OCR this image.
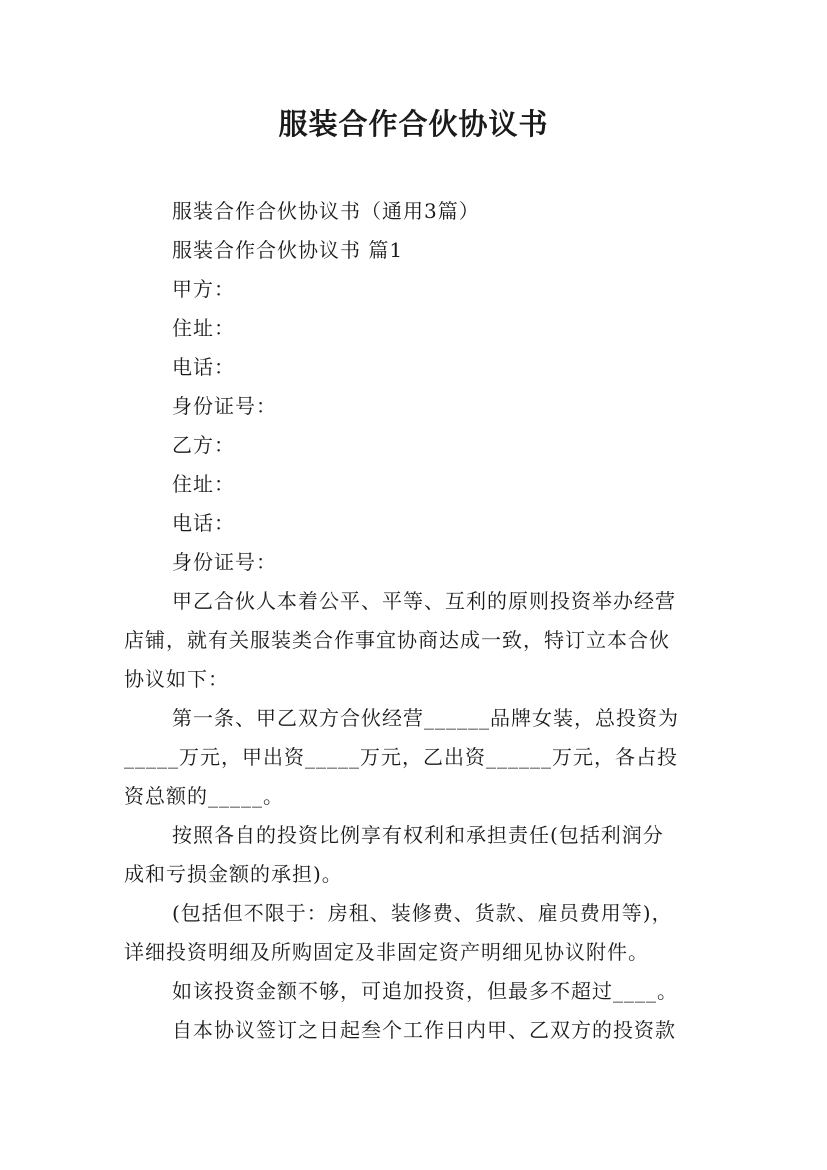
服装合作合伙协议书
服装合作合伙协议书（通用3篇）
服装合作合伙协议书 篇1
甲方：
住址：
电话：
身份证号：
乙方：
住址：
电话：
身份证号：
甲乙合伙人本着公平、平等、互利的原则投资举办经营
店铺，就有关服装类合作事宜协商达成一致，特订立本合伙
协议如下：
第一条、甲乙双方合伙经营______品牌女装，总投资为
_____万元，甲出资_____万元，乙出资______万元，各占投
资总额的_____。
按照各自的投资比例享有权利和承担责任(包括利润分
成和亏损金额的承担)。
(包括但不限于：房租、装修费、货款、雇员费用等)，
详细投资明细及所购固定及非固定资产明细见协议附件。
如该投资金额不够，可追加投资，但最多不超过____。
自本协议签订之日起叁个工作日内甲、乙双方的投资款
